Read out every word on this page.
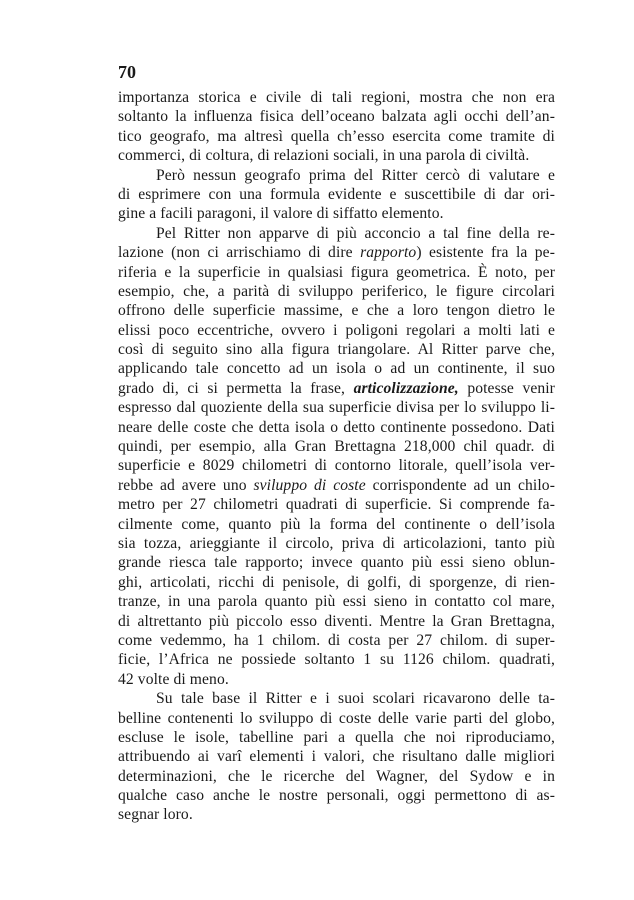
70
importanza storica e civile di tali regioni, mostra che non era
soltanto la influenza fisica dell’oceano balzata agli occhi dell’an-
tico geografo, ma altresì quella ch’esso esercita come tramite di
commerci, di coltura, di relazioni sociali, in una parola di civiltà.
Però nessun geografo prima del Ritter cercò di valutare e
di esprimere con una formula evidente e suscettibile di dar ori-
gine a facili paragoni, il valore di siffatto elemento.
Pel Ritter non apparve di più acconcio a tal fine della re-
lazione (non ci arrischiamo di dire rapporto) esistente fra la pe-
riferia e la superficie in qualsiasi figura geometrica. È noto, per
esempio, che, a parità di sviluppo periferico, le figure circolari
offrono delle superficie massime, e che a loro tengon dietro le
elissi poco eccentriche, ovvero i poligoni regolari a molti lati e
così di seguito sino alla figura triangolare. Al Ritter parve che,
applicando tale concetto ad un isola o ad un continente, il suo
grado di, ci si permetta la frase, articolizzazione, potesse venir
espresso dal quoziente della sua superficie divisa per lo sviluppo li-
neare delle coste che detta isola o detto continente possedono. Dati
quindi, per esempio, alla Gran Brettagna 218,000 chil quadr. di
superficie e 8029 chilometri di contorno litorale, quell’isola ver-
rebbe ad avere uno sviluppo di coste corrispondente ad un chilo-
metro per 27 chilometri quadrati di superficie. Si comprende fa-
cilmente come, quanto più la forma del continente o dell’isola
sia tozza, arieggiante il circolo, priva di articolazioni, tanto più
grande riesca tale rapporto; invece quanto più essi sieno oblun-
ghi, articolati, ricchi di penisole, di golfi, di sporgenze, di rien-
tranze, in una parola quanto più essi sieno in contatto col mare,
di altrettanto più piccolo esso diventi. Mentre la Gran Brettagna,
come vedemmo, ha 1 chilom. di costa per 27 chilom. di super-
ficie, l’Africa ne possiede soltanto 1 su 1126 chilom. quadrati,
42 volte di meno.
Su tale base il Ritter e i suoi scolari ricavarono delle ta-
belline contenenti lo sviluppo di coste delle varie parti del globo,
escluse le isole, tabelline pari a quella che noi riproduciamo,
attribuendo ai varî elementi i valori, che risultano dalle migliori
determinazioni, che le ricerche del Wagner, del Sydow e in
qualche caso anche le nostre personali, oggi permettono di as-
segnar loro.
